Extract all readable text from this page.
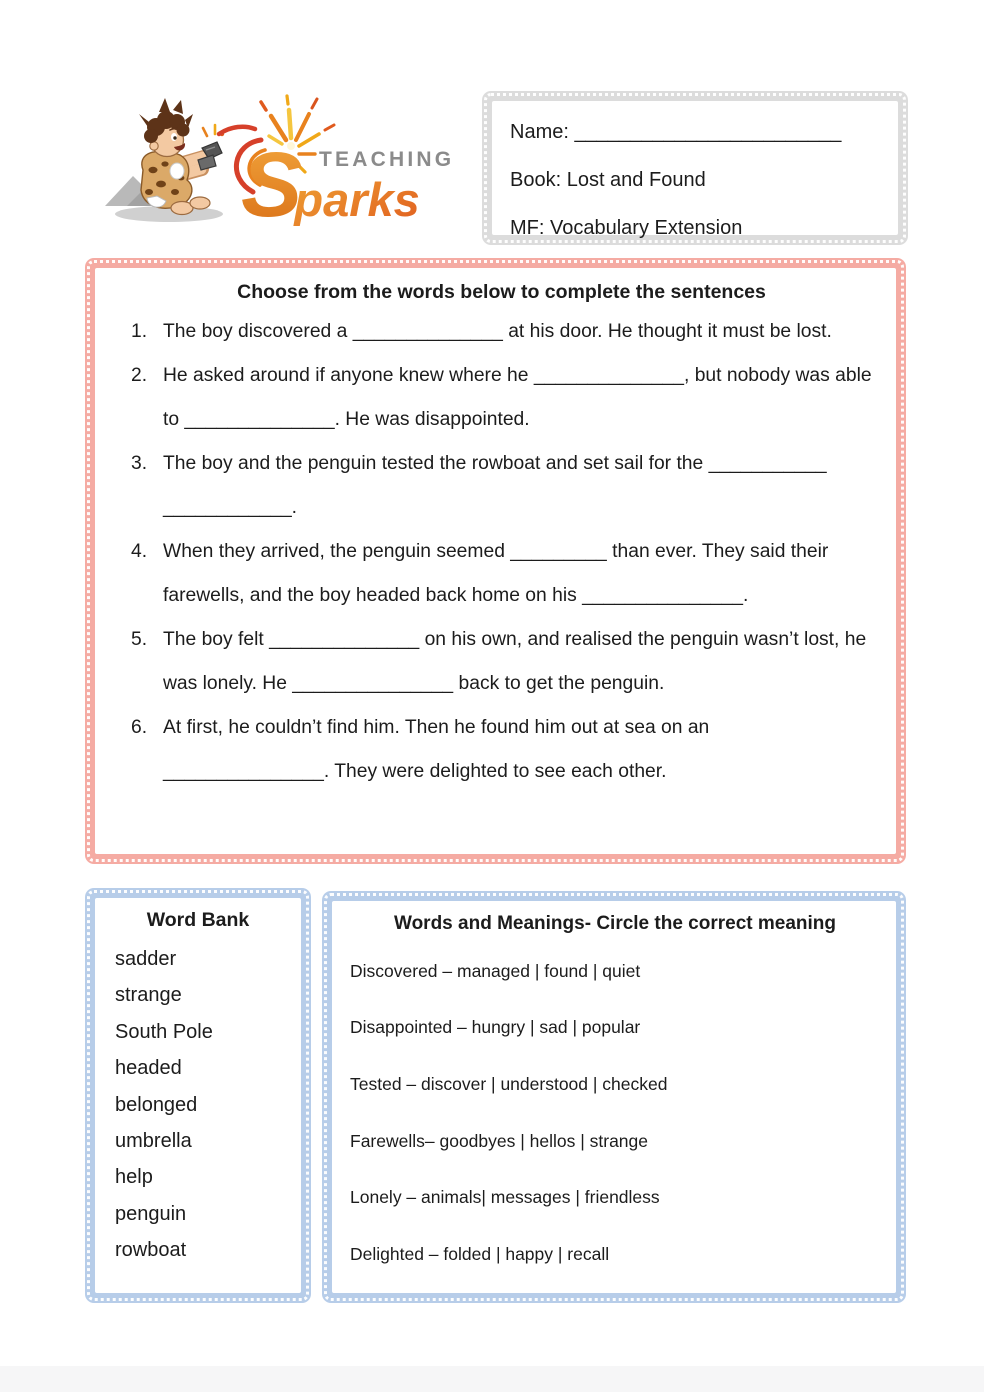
TEACHING
Sparks
Name: ________________________
Book: Lost and Found
MF: Vocabulary Extension
Choose from the words below to complete the sentences
1. The boy discovered a ______________ at his door. He thought it must be lost.
2. He asked around if anyone knew where he ______________, but nobody was able to ______________. He was disappointed.
3. The boy and the penguin tested the rowboat and set sail for the ___________ ____________.
4. When they arrived, the penguin seemed _________ than ever. They said their farewells, and the boy headed back home on his _______________.
5. The boy felt ______________ on his own, and realised the penguin wasn’t lost, he was lonely. He _______________ back to get the penguin.
6. At first, he couldn’t find him. Then he found him out at sea on an _______________. They were delighted to see each other.
Word Bank
sadder
strange
South Pole
headed
belonged
umbrella
help
penguin
rowboat
Words and Meanings- Circle the correct meaning
Discovered – managed | found | quiet
Disappointed – hungry | sad | popular
Tested – discover | understood | checked
Farewells– goodbyes | hellos | strange
Lonely – animals| messages | friendless
Delighted – folded | happy | recall
